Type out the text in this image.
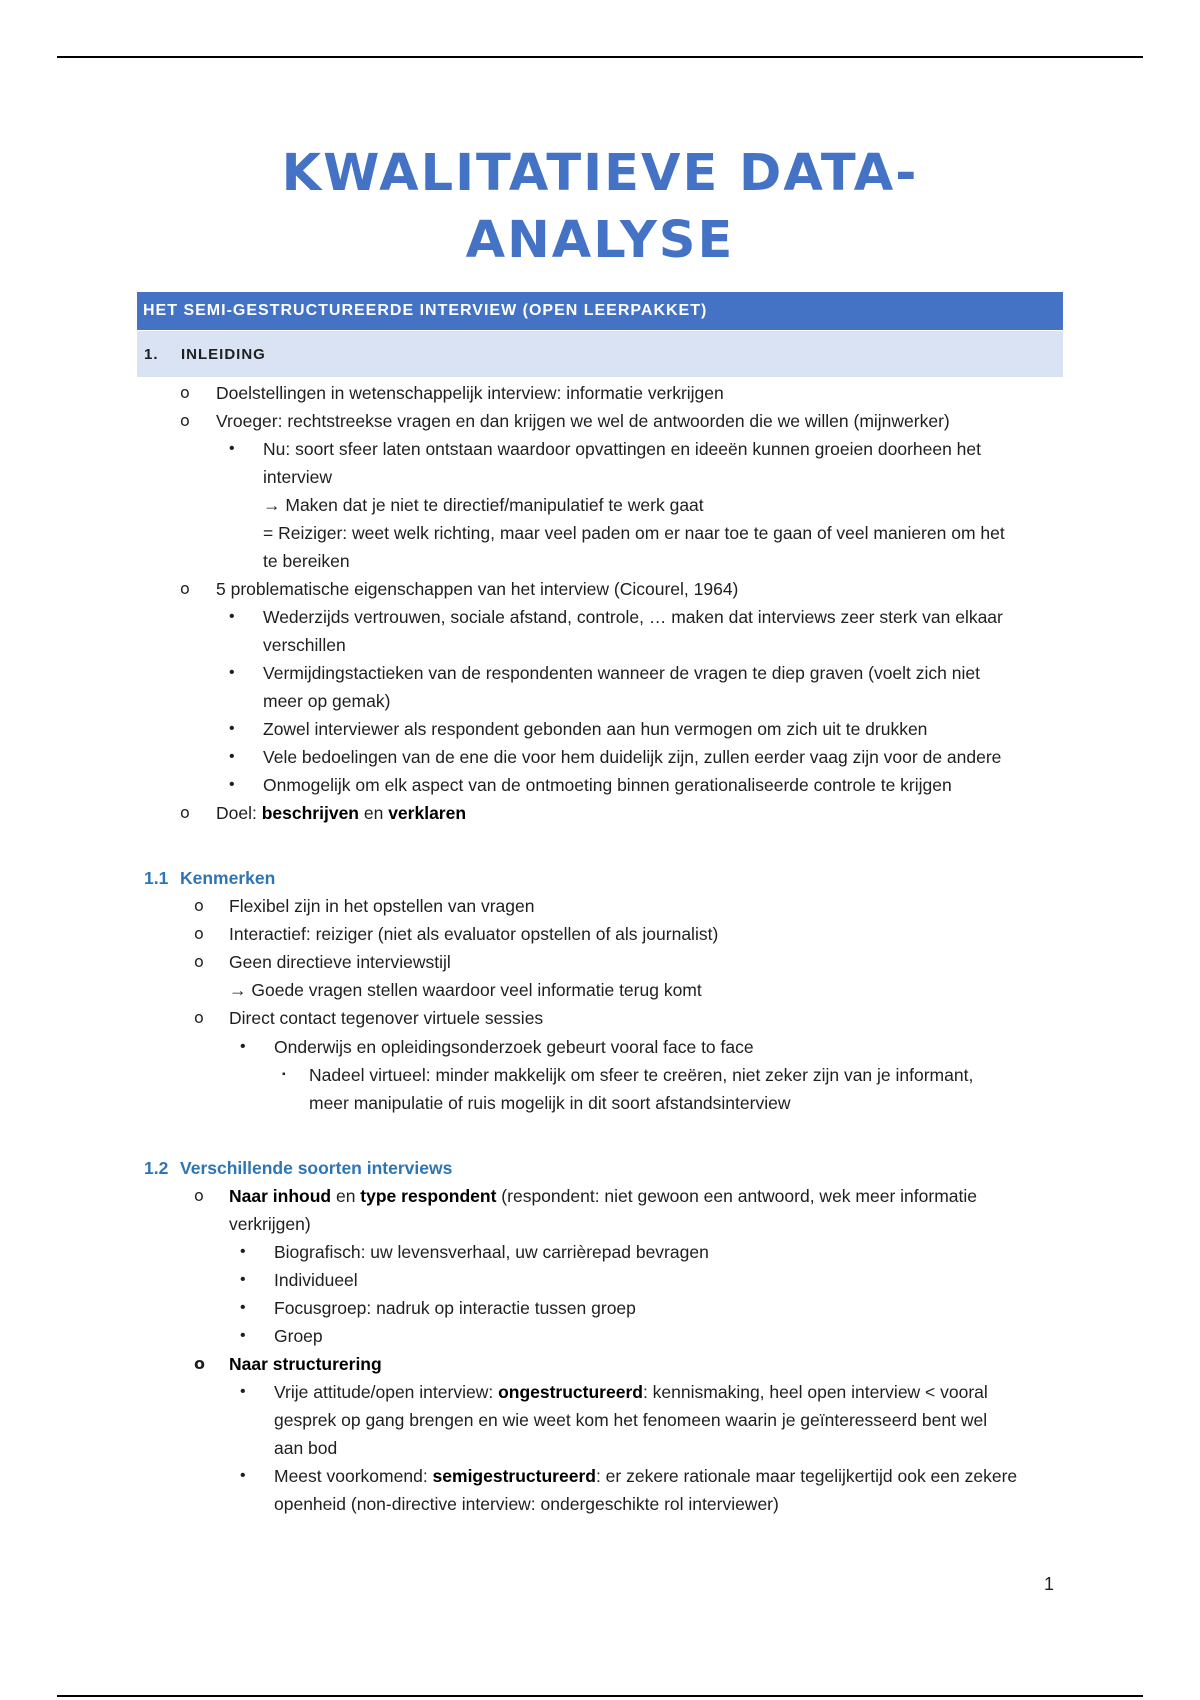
KWALITATIEVE DATA-
ANALYSE
HET SEMI-GESTRUCTUREERDE INTERVIEW (OPEN LEERPAKKET)
1.	INLEIDING
o Doelstellingen in wetenschappelijk interview: informatie verkrijgen
o Vroeger: rechtstreekse vragen en dan krijgen we wel de antwoorden die we willen (mijnwerker)
• Nu: soort sfeer laten ontstaan waardoor opvattingen en ideeën kunnen groeien doorheen het
interview
→ Maken dat je niet te directief/manipulatief te werk gaat
= Reiziger: weet welk richting, maar veel paden om er naar toe te gaan of veel manieren om het
te bereiken
o 5 problematische eigenschappen van het interview (Cicourel, 1964)
• Wederzijds vertrouwen, sociale afstand, controle, … maken dat interviews zeer sterk van elkaar
verschillen
• Vermijdingstactieken van de respondenten wanneer de vragen te diep graven (voelt zich niet
meer op gemak)
• Zowel interviewer als respondent gebonden aan hun vermogen om zich uit te drukken
• Vele bedoelingen van de ene die voor hem duidelijk zijn, zullen eerder vaag zijn voor de andere
• Onmogelijk om elk aspect van de ontmoeting binnen gerationaliseerde controle te krijgen
o Doel: beschrijven en verklaren
1.1 Kenmerken
o Flexibel zijn in het opstellen van vragen
o Interactief: reiziger (niet als evaluator opstellen of als journalist)
o Geen directieve interviewstijl
→ Goede vragen stellen waardoor veel informatie terug komt
o Direct contact tegenover virtuele sessies
• Onderwijs en opleidingsonderzoek gebeurt vooral face to face
▪ Nadeel virtueel: minder makkelijk om sfeer te creëren, niet zeker zijn van je informant,
meer manipulatie of ruis mogelijk in dit soort afstandsinterview
1.2 Verschillende soorten interviews
o Naar inhoud en type respondent (respondent: niet gewoon een antwoord, wek meer informatie
verkrijgen)
• Biografisch: uw levensverhaal, uw carrièrepad bevragen
• Individueel
• Focusgroep: nadruk op interactie tussen groep
• Groep
o Naar structurering
• Vrije attitude/open interview: ongestructureerd: kennismaking, heel open interview < vooral
gesprek op gang brengen en wie weet kom het fenomeen waarin je geïnteresseerd bent wel
aan bod
• Meest voorkomend: semigestructureerd: er zekere rationale maar tegelijkertijd ook een zekere
openheid (non-directive interview: ondergeschikte rol interviewer)
1
